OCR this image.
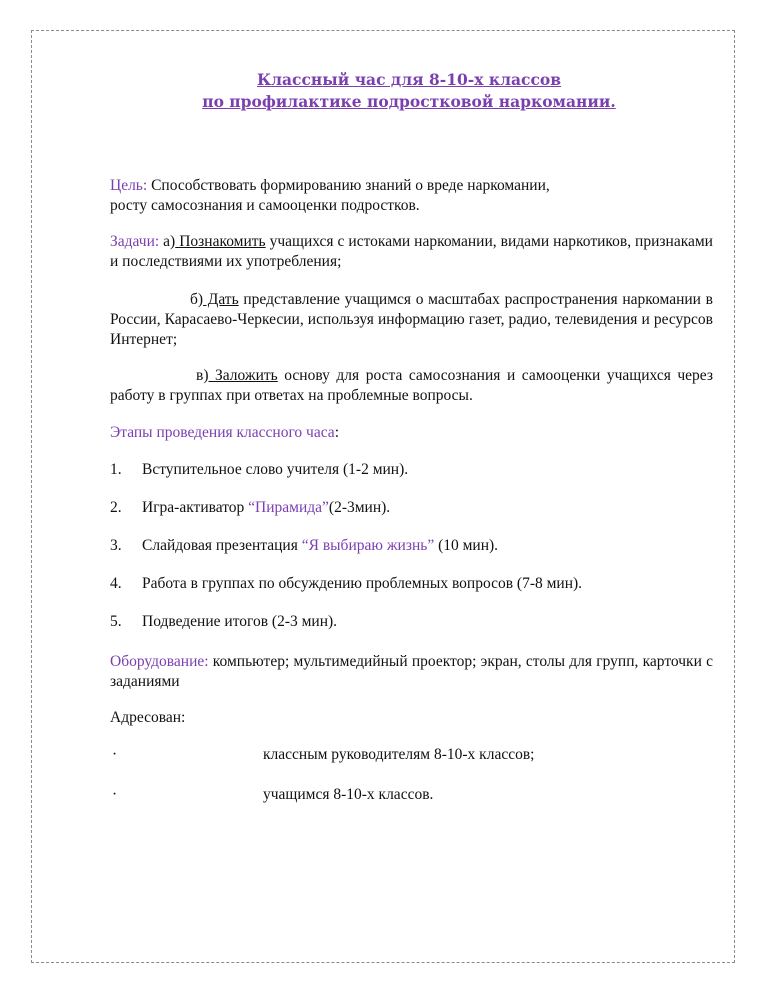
Классный час для 8-10-х классов
по профилактике подростковой наркомании.
Цель: Способствовать формированию знаний о вреде наркомании,
росту самосознания и самооценки подростков.
Задачи: а) Познакомить учащихся с истоками наркомании, видами наркотиков, признаками и последствиями их употребления;
б) Дать представление учащимся о масштабах распространения наркомании в России, Карасаево-Черкесии, используя информацию газет, радио, телевидения и ресурсов Интернет;
в) Заложить основу для роста самосознания и самооценки учащихся через работу в группах при ответах на проблемные вопросы.
Этапы проведения классного часа:
1. Вступительное слово учителя (1-2 мин).
2. Игра-активатор “Пирамида”(2-3мин).
3. Слайдовая презентация “Я выбираю жизнь” (10 мин).
4. Работа в группах по обсуждению проблемных вопросов (7-8 мин).
5. Подведение итогов (2-3 мин).
Оборудование: компьютер; мультимедийный проектор; экран, столы для групп, карточки с заданиями
Адресован:
·	классным руководителям 8-10-х классов;
·	учащимся 8-10-х классов.
